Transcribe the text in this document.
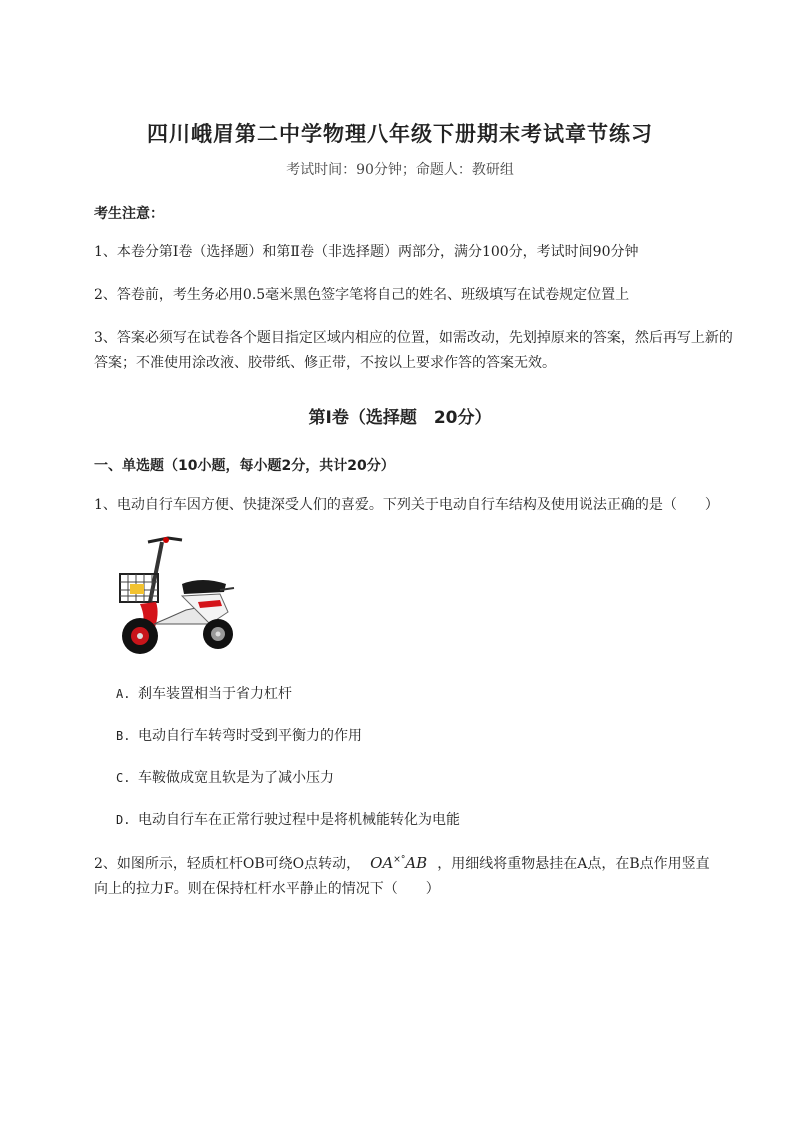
四川峨眉第二中学物理八年级下册期末考试章节练习
考试时间：90分钟；命题人：教研组
考生注意：
1、本卷分第Ⅰ卷（选择题）和第Ⅱ卷（非选择题）两部分，满分100分，考试时间90分钟
2、答卷前，考生务必用0.5毫米黑色签字笔将自己的姓名、班级填写在试卷规定位置上
3、答案必须写在试卷各个题目指定区域内相应的位置，如需改动，先划掉原来的答案，然后再写上新的答案；不准使用涂改液、胶带纸、修正带，不按以上要求作答的答案无效。
第Ⅰ卷（选择题　20分）
一、单选题（10小题，每小题2分，共计20分）
1、电动自行车因方便、快捷深受人们的喜爱。下列关于电动自行车结构及使用说法正确的是（　　）
A. 刹车装置相当于省力杠杆
B. 电动自行车转弯时受到平衡力的作用
C. 车鞍做成宽且软是为了减小压力
D. 电动自行车在正常行驶过程中是将机械能转化为电能
2、如图所示，轻质杠杆OB可绕O点转动， OA×°AB ，用细线将重物悬挂在A点，在B点作用竖直
向上的拉力F。则在保持杠杆水平静止的情况下（　　）
